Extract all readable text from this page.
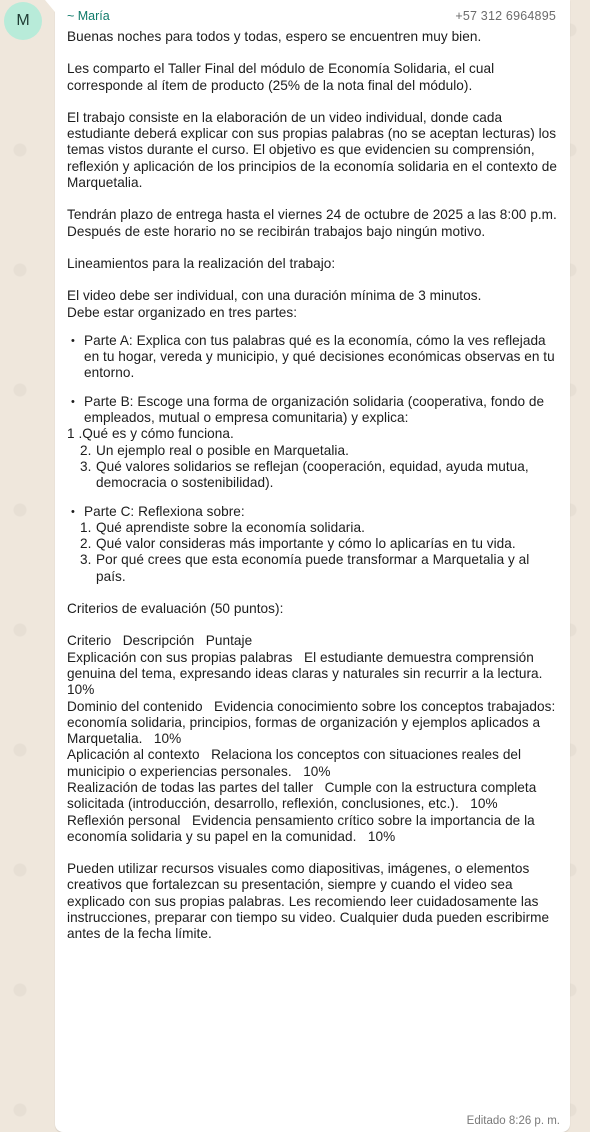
M	~ María	+57 312 6964895

Buenas noches para todos y todas, espero se encuentren muy bien.

Les comparto el Taller Final del módulo de Economía Solidaria, el cual corresponde al ítem de producto (25% de la nota final del módulo).

El trabajo consiste en la elaboración de un video individual, donde cada estudiante deberá explicar con sus propias palabras (no se aceptan lecturas) los temas vistos durante el curso. El objetivo es que evidencien su comprensión, reflexión y aplicación de los principios de la economía solidaria en el contexto de Marquetalia.

Tendrán plazo de entrega hasta el viernes 24 de octubre de 2025 a las 8:00 p.m.

Después de este horario no se recibirán trabajos bajo ningún motivo.

Lineamientos para la realización del trabajo:

El video debe ser individual, con una duración mínima de 3 minutos.

Debe estar organizado en tres partes:

• Parte A: Explica con tus palabras qué es la economía, cómo la ves reflejada en tu hogar, vereda y municipio, y qué decisiones económicas observas en tu entorno.

• Parte B: Escoge una forma de organización solidaria (cooperativa, fondo de empleados, mutual o empresa comunitaria) y explica:

1 .Qué es y cómo funciona.

2. Un ejemplo real o posible en Marquetalia.

3. Qué valores solidarios se reflejan (cooperación, equidad, ayuda mutua, democracia o sostenibilidad).

• Parte C: Reflexiona sobre:

1. Qué aprendiste sobre la economía solidaria.

2. Qué valor consideras más importante y cómo lo aplicarías en tu vida.

3. Por qué crees que esta economía puede transformar a Marquetalia y al país.

Criterios de evaluación (50 puntos):

Criterio   Descripción   Puntaje

Explicación con sus propias palabras   El estudiante demuestra comprensión genuina del tema, expresando ideas claras y naturales sin recurrir a la lectura.   10%

Dominio del contenido   Evidencia conocimiento sobre los conceptos trabajados: economía solidaria, principios, formas de organización y ejemplos aplicados a Marquetalia.   10%

Aplicación al contexto   Relaciona los conceptos con situaciones reales del municipio o experiencias personales.   10%

Realización de todas las partes del taller   Cumple con la estructura completa solicitada (introducción, desarrollo, reflexión, conclusiones, etc.).   10%

Reflexión personal   Evidencia pensamiento crítico sobre la importancia de la economía solidaria y su papel en la comunidad.   10%

Pueden utilizar recursos visuales como diapositivas, imágenes, o elementos creativos que fortalezcan su presentación, siempre y cuando el video sea explicado con sus propias palabras. Les recomiendo leer cuidadosamente las instrucciones, preparar con tiempo su video. Cualquier duda pueden escribirme antes de la fecha límite.

Editado 8:26 p. m.
